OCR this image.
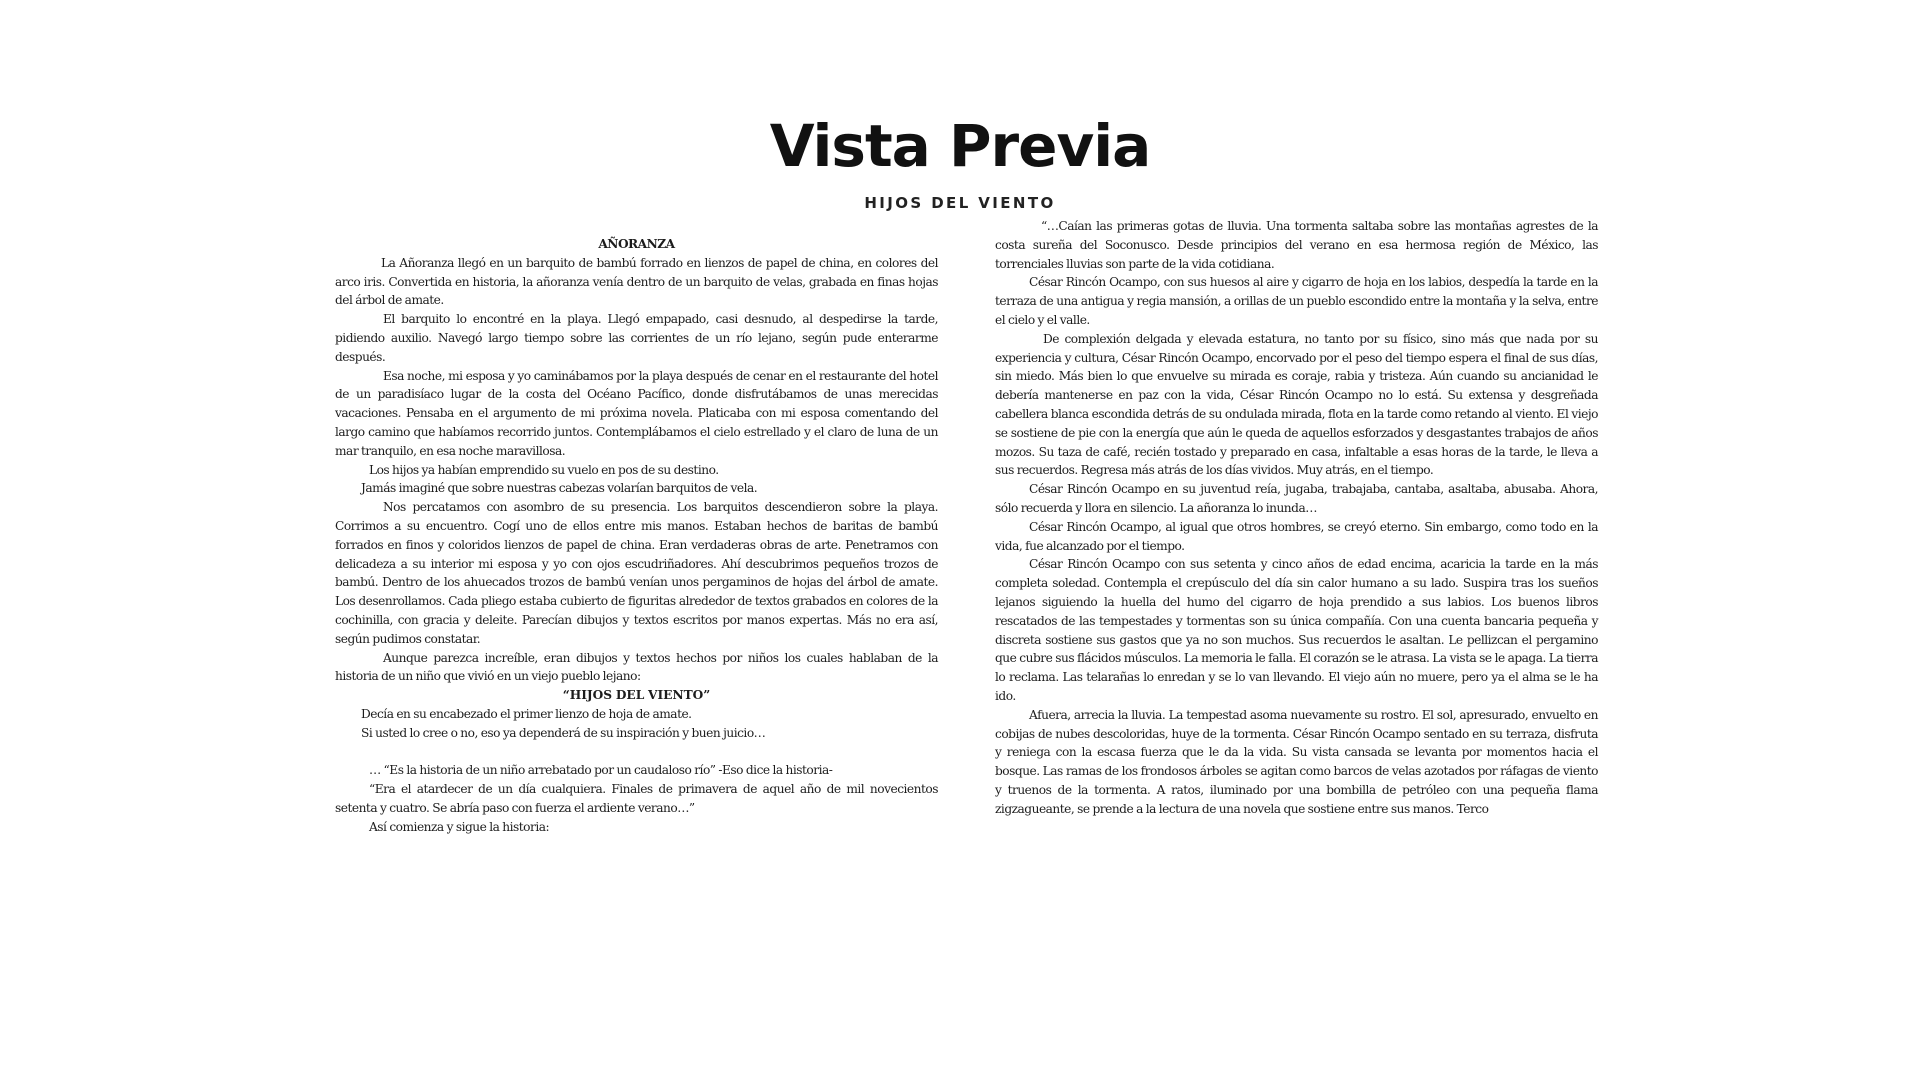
Vista Previa
HIJOS DEL VIENTO

AÑORANZA

La Añoranza llegó en un barquito de bambú forrado en lienzos de papel de china, en colores del arco iris. Convertida en historia, la añoranza venía dentro de un barquito de velas, grabada en finas hojas del árbol de amate.

El barquito lo encontré en la playa. Llegó empapado, casi desnudo, al despedirse la tarde, pidiendo auxilio. Navegó largo tiempo sobre las corrientes de un río lejano, según pude enterarme después.

Esa noche, mi esposa y yo caminábamos por la playa después de cenar en el restaurante del hotel de un paradisíaco lugar de la costa del Océano Pacífico, donde disfrutábamos de unas merecidas vacaciones. Pensaba en el argumento de mi próxima novela. Platicaba con mi esposa comentando del largo camino que habíamos recorrido juntos. Contemplábamos el cielo estrellado y el claro de luna de un mar tranquilo, en esa noche maravillosa.

Los hijos ya habían emprendido su vuelo en pos de su destino.

Jamás imaginé que sobre nuestras cabezas volarían barquitos de vela.

Nos percatamos con asombro de su presencia. Los barquitos descendieron sobre la playa. Corrimos a su encuentro. Cogí uno de ellos entre mis manos. Estaban hechos de baritas de bambú forrados en finos y coloridos lienzos de papel de china. Eran verdaderas obras de arte. Penetramos con delicadeza a su interior mi esposa y yo con ojos escudriñadores. Ahí descubrimos pequeños trozos de bambú. Dentro de los ahuecados trozos de bambú venían unos pergaminos de hojas del árbol de amate. Los desenrollamos. Cada pliego estaba cubierto de figuritas alrededor de textos grabados en colores de la cochinilla, con gracia y deleite. Parecían dibujos y textos escritos por manos expertas. Más no era así, según pudimos constatar.

Aunque parezca increíble, eran dibujos y textos hechos por niños los cuales hablaban de la historia de un niño que vivió en un viejo pueblo lejano:

“HIJOS DEL VIENTO”

Decía en su encabezado el primer lienzo de hoja de amate.

Si usted lo cree o no, eso ya dependerá de su inspiración y buen juicio…

… “Es la historia de un niño arrebatado por un caudaloso río” -Eso dice la historia-

“Era el atardecer de un día cualquiera. Finales de primavera de aquel año de mil novecientos setenta y cuatro. Se abría paso con fuerza el ardiente verano…”

Así comienza y sigue la historia:

“…Caían las primeras gotas de lluvia. Una tormenta saltaba sobre las montañas agrestes de la costa sureña del Soconusco. Desde principios del verano en esa hermosa región de México, las torrenciales lluvias son parte de la vida cotidiana.

César Rincón Ocampo, con sus huesos al aire y cigarro de hoja en los labios, despedía la tarde en la terraza de una antigua y regia mansión, a orillas de un pueblo escondido entre la montaña y la selva, entre el cielo y el valle.

De complexión delgada y elevada estatura, no tanto por su físico, sino más que nada por su experiencia y cultura, César Rincón Ocampo, encorvado por el peso del tiempo espera el final de sus días, sin miedo. Más bien lo que envuelve su mirada es coraje, rabia y tristeza. Aún cuando su ancianidad le debería mantenerse en paz con la vida, César Rincón Ocampo no lo está. Su extensa y desgreñada cabellera blanca escondida detrás de su ondulada mirada, flota en la tarde como retando al viento. El viejo se sostiene de pie con la energía que aún le queda de aquellos esforzados y desgastantes trabajos de años mozos. Su taza de café, recién tostado y preparado en casa, infaltable a esas horas de la tarde, le lleva a sus recuerdos. Regresa más atrás de los días vividos. Muy atrás, en el tiempo.

César Rincón Ocampo en su juventud reía, jugaba, trabajaba, cantaba, asaltaba, abusaba. Ahora, sólo recuerda y llora en silencio. La añoranza lo inunda…

César Rincón Ocampo, al igual que otros hombres, se creyó eterno. Sin embargo, como todo en la vida, fue alcanzado por el tiempo.

César Rincón Ocampo con sus setenta y cinco años de edad encima, acaricia la tarde en la más completa soledad. Contempla el crepúsculo del día sin calor humano a su lado. Suspira tras los sueños lejanos siguiendo la huella del humo del cigarro de hoja prendido a sus labios. Los buenos libros rescatados de las tempestades y tormentas son su única compañía. Con una cuenta bancaria pequeña y discreta sostiene sus gastos que ya no son muchos. Sus recuerdos le asaltan. Le pellizcan el pergamino que cubre sus flácidos músculos. La memoria le falla. El corazón se le atrasa. La vista se le apaga. La tierra lo reclama. Las telarañas lo enredan y se lo van llevando. El viejo aún no muere, pero ya el alma se le ha ido.

Afuera, arrecia la lluvia. La tempestad asoma nuevamente su rostro. El sol, apresurado, envuelto en cobijas de nubes descoloridas, huye de la tormenta. César Rincón Ocampo sentado en su terraza, disfruta y reniega con la escasa fuerza que le da la vida. Su vista cansada se levanta por momentos hacia el bosque. Las ramas de los frondosos árboles se agitan como barcos de velas azotados por ráfagas de viento y truenos de la tormenta. A ratos, iluminado por una bombilla de petróleo con una pequeña flama zigzagueante, se prende a la lectura de una novela que sostiene entre sus manos. Terco
